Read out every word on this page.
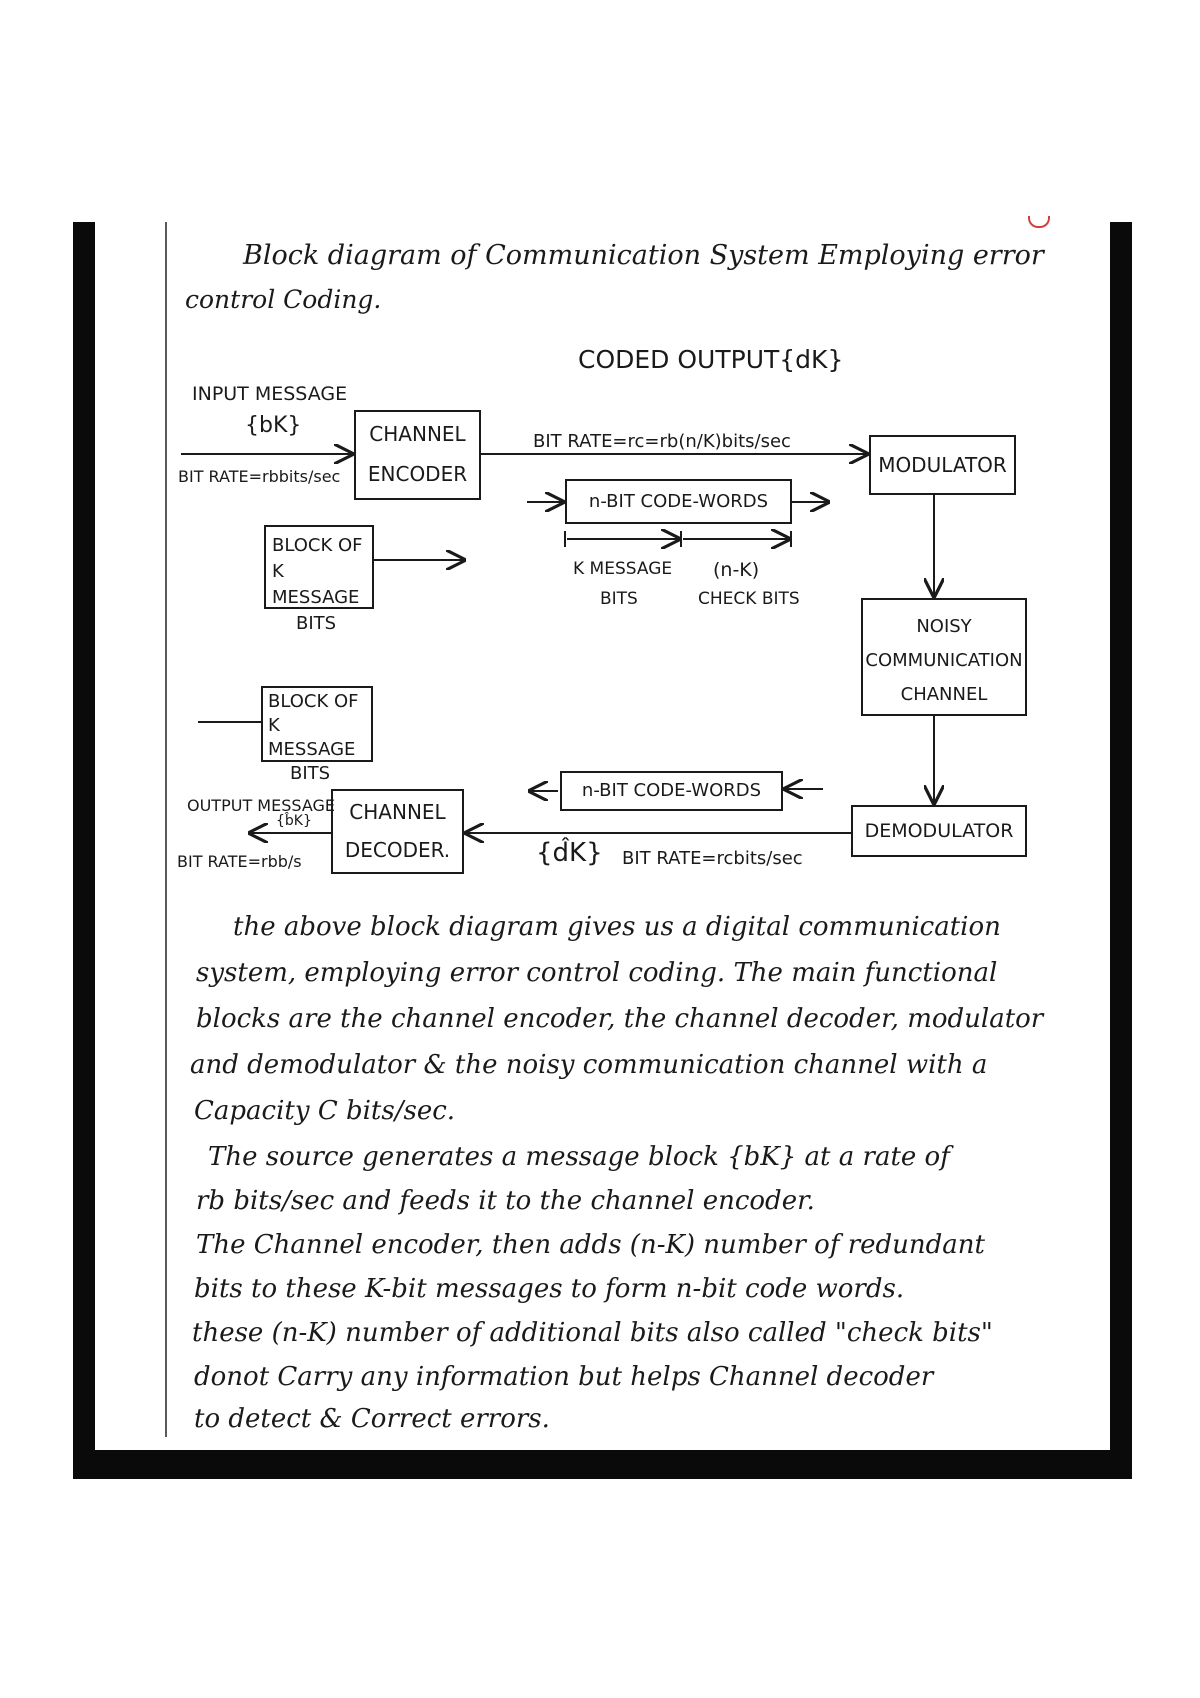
Block diagram of Communication System Employing error
control Coding.
CODED OUTPUT{dK}
INPUT MESSAGE
{bK}
BIT RATE=rbbits/sec
CHANNEL
ENCODER
BIT RATE=rc=rb(n/K)bits/sec
MODULATOR
n-BIT CODE-WORDS
BLOCK OF
K MESSAGE
BITS
K MESSAGE
BITS
(n-K)
CHECK BITS
NOISY
COMMUNICATION
CHANNEL
BLOCK OF
K MESSAGE
BITS
n-BIT CODE-WORDS
OUTPUT MESSAGE
{b̂K}
BIT RATE=rbb/s
CHANNEL
DECODER.
DEMODULATOR
{d̂K} BIT RATE=rcbits/sec
the above block diagram gives us a digital communication
system, employing error control coding. The main functional
blocks are the channel encoder, the channel decoder, modulator
and demodulator & the noisy communication channel with a
Capacity C bits/sec.
The source generates a message block {bK} at a rate of
rb bits/sec and feeds it to the channel encoder.
The Channel encoder, then adds (n-K) number of redundant
bits to these K-bit messages to form n-bit code words.
these (n-K) number of additional bits also called "check bits"
donot Carry any information but helps Channel decoder
to detect & Correct errors.
